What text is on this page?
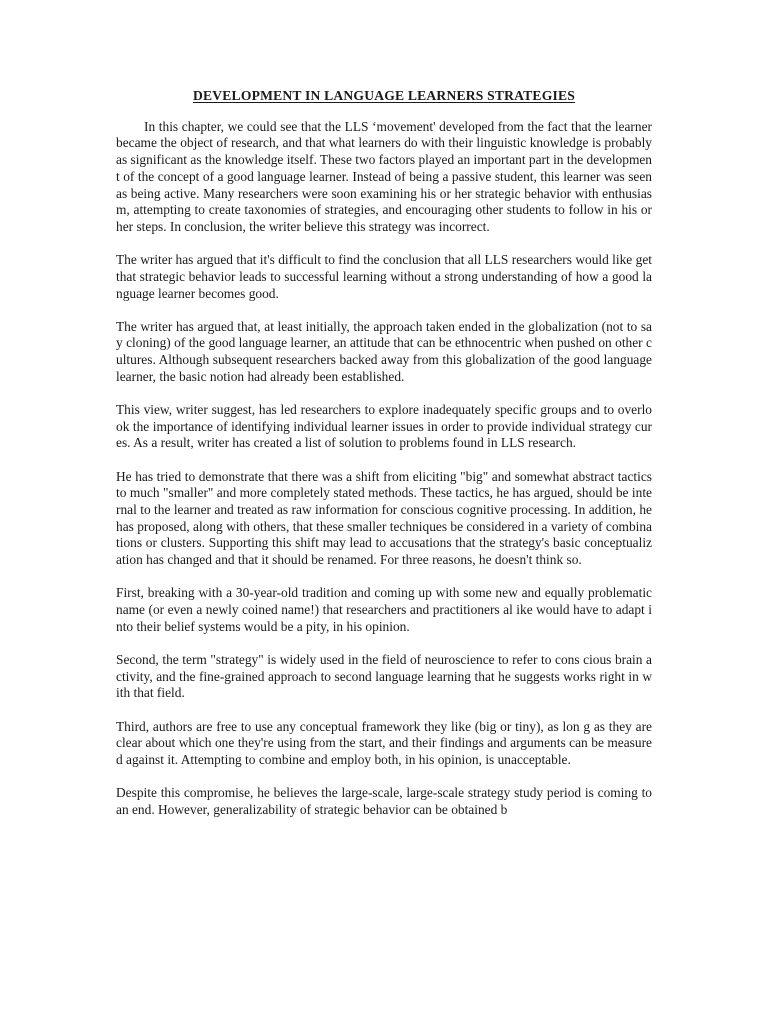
DEVELOPMENT IN LANGUAGE LEARNERS STRATEGIES

In this chapter, we could see that the LLS ‘movement' developed from the fact that the learner became the object of research, and that what learners do with their linguistic knowledge is probably as significant as the knowledge itself. These two factors played an important part in the development of the concept of a good language learner. Instead of being a passive student, this learner was seen as being active. Many researchers were soon examining his or her strategic behavior with enthusiasm, attempting to create taxonomies of strategies, and encouraging other students to follow in his or her steps. In conclusion, the writer believe this strategy was incorrect.

The writer has argued that it's difficult to find the conclusion that all LLS researchers would like get that strategic behavior leads to successful learning without a strong understanding of how a good language learner becomes good.

The writer has argued that, at least initially, the approach taken ended in the globalization (not to say cloning) of the good language learner, an attitude that can be ethnocentric when pushed on other cultures. Although subsequent researchers backed away from this globalization of the good language learner, the basic notion had already been established.

This view, writer suggest, has led researchers to explore inadequately specific groups and to overlook the importance of identifying individual learner issues in order to provide individual strategy cures. As a result, writer has created a list of solution to problems found in LLS research.

He has tried to demonstrate that there was a shift from eliciting "big" and somewhat abstract tactics to much "smaller" and more completely stated methods. These tactics, he has argued, should be internal to the learner and treated as raw information for conscious cognitive processing. In addition, he has proposed, along with others, that these smaller techniques be considered in a variety of combinations or clusters. Supporting this shift may lead to accusations that the strategy's basic conceptualization has changed and that it should be renamed. For three reasons, he doesn't think so.

First, breaking with a 30-year-old tradition and coming up with some new and equally problematic name (or even a newly coined name!) that researchers and practitioners al ike would have to adapt into their belief systems would be a pity, in his opinion.

Second, the term "strategy" is widely used in the field of neuroscience to refer to cons cious brain activity, and the fine-grained approach to second language learning that he suggests works right in with that field.

Third, authors are free to use any conceptual framework they like (big or tiny), as lon g as they are clear about which one they're using from the start, and their findings and arguments can be measured against it. Attempting to combine and employ both, in his opinion, is unacceptable.

Despite this compromise, he believes the large-scale, large-scale strategy study period is coming to an end. However, generalizability of strategic behavior can be obtained b
